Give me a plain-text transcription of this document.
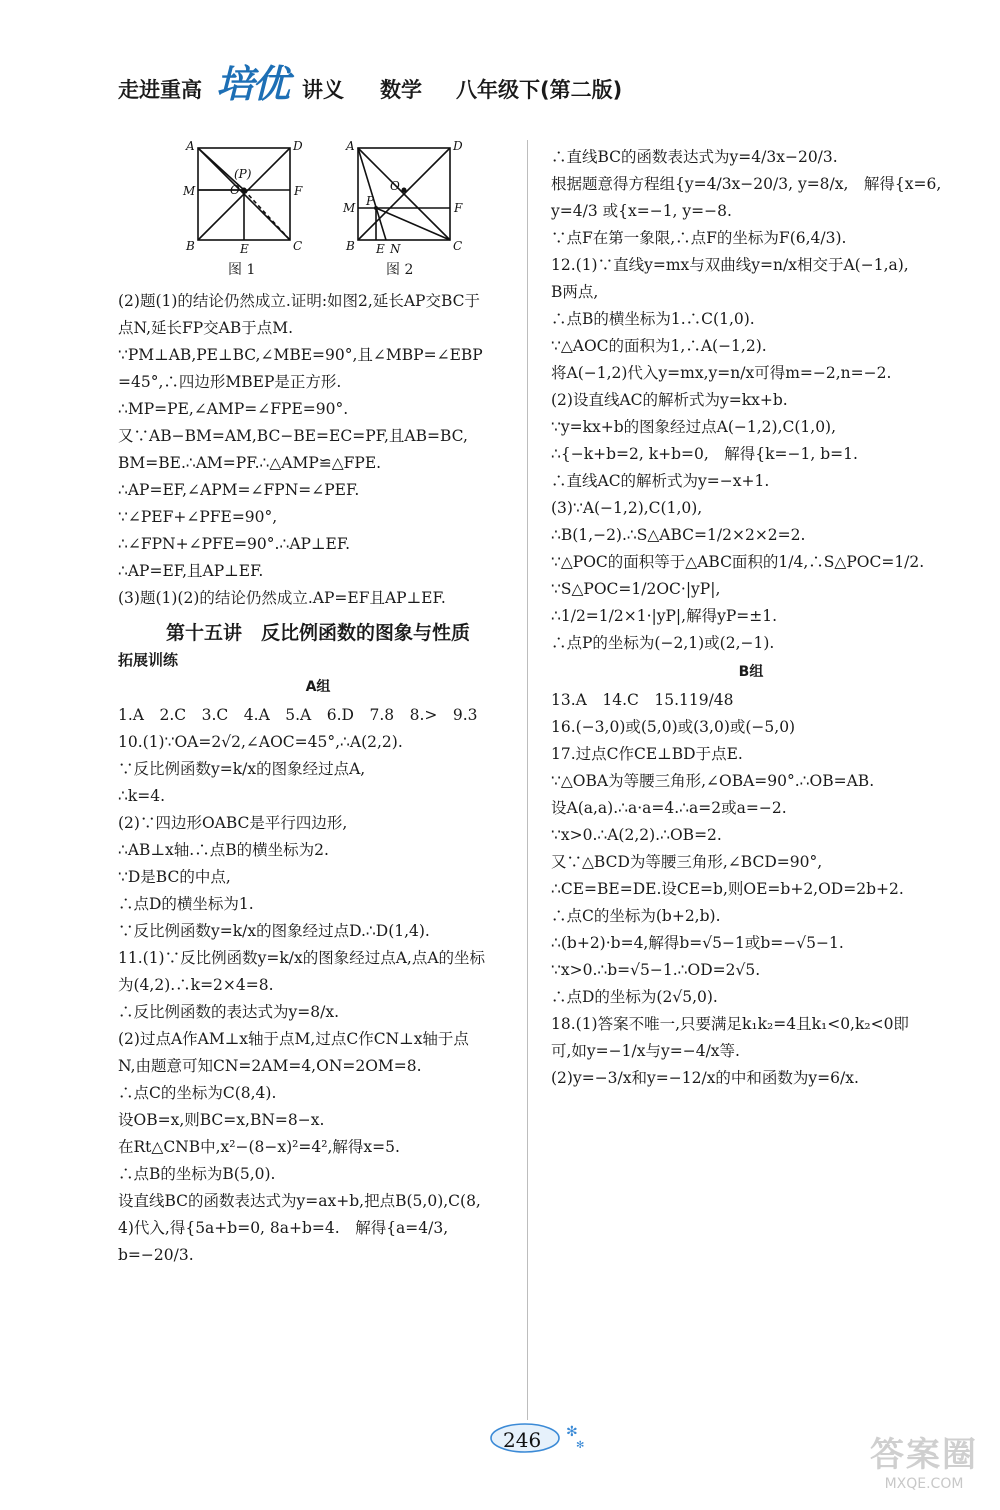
走进重高 培优 讲义 数学 八年级下(第二版)
A	D
B	C
M	F
E
O
(P)
图 1
A	D
B	C
M	F
E N
O
P
图 2
(2)题(1)的结论仍然成立.证明:如图2,延长AP交BC于
点N,延长FP交AB于点M.
∵PM⊥AB,PE⊥BC,∠MBE=90°,且∠MBP=∠EBP
=45°,∴四边形MBEP是正方形.
∴MP=PE,∠AMP=∠FPE=90°.
又∵AB−BM=AM,BC−BE=EC=PF,且AB=BC,
BM=BE.∴AM=PF.∴△AMP≌△FPE.
∴AP=EF,∠APM=∠FPN=∠PEF.
∵∠PEF+∠PFE=90°,
∴∠FPN+∠PFE=90°.∴AP⊥EF.
∴AP=EF,且AP⊥EF.
(3)题(1)(2)的结论仍然成立.AP=EF且AP⊥EF.
第十五讲　反比例函数的图象与性质
拓展训练
A组
1.A　2.C　3.C　4.A　5.A　6.D　7.8　8.>　9.3
10.(1)∵OA=2√2,∠AOC=45°,∴A(2,2).
∵反比例函数y=k/x的图象经过点A,
∴k=4.
(2)∵四边形OABC是平行四边形,
∴AB⊥x轴.∴点B的横坐标为2.
∵D是BC的中点,
∴点D的横坐标为1.
∵反比例函数y=k/x的图象经过点D.∴D(1,4).
11.(1)∵反比例函数y=k/x的图象经过点A,点A的坐标
为(4,2).∴k=2×4=8.
∴反比例函数的表达式为y=8/x.
(2)过点A作AM⊥x轴于点M,过点C作CN⊥x轴于点
N,由题意可知CN=2AM=4,ON=2OM=8.
∴点C的坐标为C(8,4).
设OB=x,则BC=x,BN=8−x.
在Rt△CNB中,x²−(8−x)²=4²,解得x=5.
∴点B的坐标为B(5,0).
设直线BC的函数表达式为y=ax+b,把点B(5,0),C(8,
4)代入,得{5a+b=0, 8a+b=4.　解得{a=4/3, b=−20/3.
∴直线BC的函数表达式为y=4/3x−20/3.
根据题意得方程组{y=4/3x−20/3, y=8/x,　解得{x=6, y=4/3 或{x=−1, y=−8.
∵点F在第一象限,∴点F的坐标为F(6,4/3).
12.(1)∵直线y=mx与双曲线y=n/x相交于A(−1,a),
B两点,
∴点B的横坐标为1.∴C(1,0).
∵△AOC的面积为1,∴A(−1,2).
将A(−1,2)代入y=mx,y=n/x可得m=−2,n=−2.
(2)设直线AC的解析式为y=kx+b.
∵y=kx+b的图象经过点A(−1,2),C(1,0),
∴{−k+b=2, k+b=0,　解得{k=−1, b=1.
∴直线AC的解析式为y=−x+1.
(3)∵A(−1,2),C(1,0),
∴B(1,−2).∴S△ABC=1/2×2×2=2.
∵△POC的面积等于△ABC面积的1/4,∴S△POC=1/2.
∵S△POC=1/2OC·|yP|,
∴1/2=1/2×1·|yP|,解得yP=±1.
∴点P的坐标为(−2,1)或(2,−1).
B组
13.A　14.C　15.119/48
16.(−3,0)或(5,0)或(3,0)或(−5,0)
17.过点C作CE⊥BD于点E.
∵△OBA为等腰三角形,∠OBA=90°.∴OB=AB.
设A(a,a).∴a·a=4.∴a=2或a=−2.
∵x>0.∴A(2,2).∴OB=2.
又∵△BCD为等腰三角形,∠BCD=90°,
∴CE=BE=DE.设CE=b,则OE=b+2,OD=2b+2.
∴点C的坐标为(b+2,b).
∴(b+2)·b=4,解得b=√5−1或b=−√5−1.
∵x>0.∴b=√5−1.∴OD=2√5.
∴点D的坐标为(2√5,0).
18.(1)答案不唯一,只要满足k₁k₂=4且k₁<0,k₂<0即
可,如y=−1/x与y=−4/x等.
(2)y=−3/x和y=−12/x的中和函数为y=6/x.
✻
✻
246	答案圈
MXQE.COM
